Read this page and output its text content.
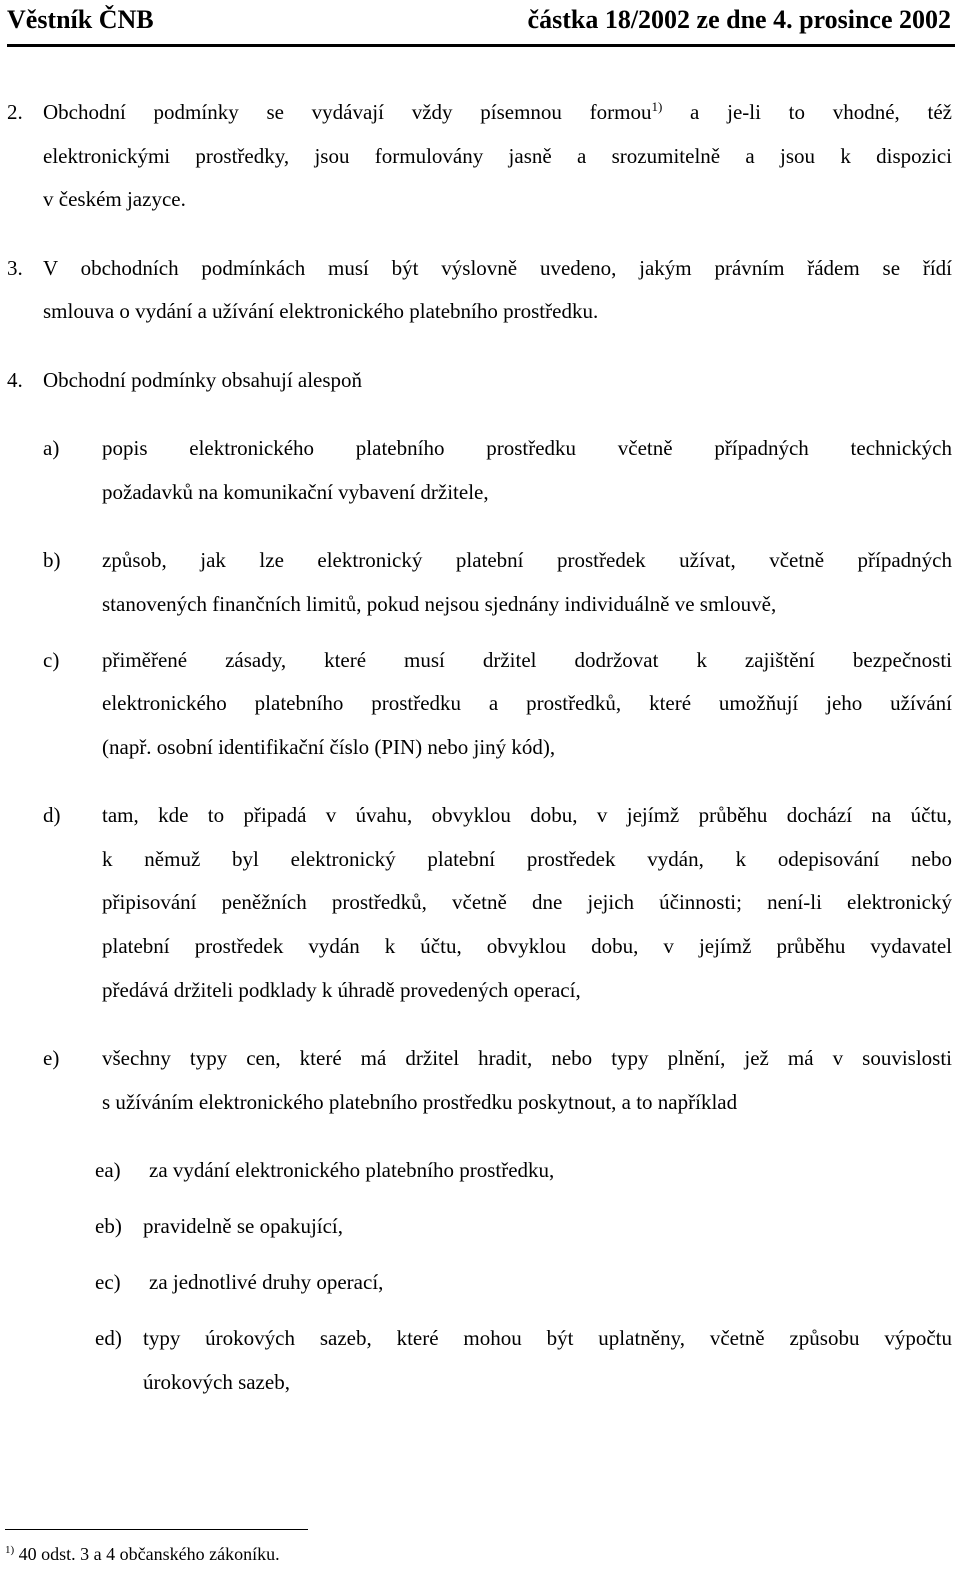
Věstník ČNB	částka 18/2002 ze dne 4. prosince 2002
2. Obchodní podmínky se vydávají vždy písemnou formou$^{1)}$ a je-li to vhodné, též
elektronickými prostředky, jsou formulovány jasně a srozumitelně a jsou k dispozici
v českém jazyce.
3. V obchodních podmínkách musí být výslovně uvedeno, jakým právním řádem se řídí
smlouva o vydání a užívání elektronického platebního prostředku.
4. Obchodní podmínky obsahují alespoň
a) popis elektronického platebního prostředku včetně případných technických
požadavků na komunikační vybavení držitele,
b) způsob, jak lze elektronický platební prostředek užívat, včetně případných
stanovených finančních limitů, pokud nejsou sjednány individuálně ve smlouvě,
c) přiměřené zásady, které musí držitel dodržovat k zajištění bezpečnosti
elektronického platebního prostředku a prostředků, které umožňují jeho užívání
(např. osobní identifikační číslo (PIN) nebo jiný kód),
d) tam, kde to připadá v úvahu, obvyklou dobu, v jejímž průběhu dochází na účtu,
k němuž byl elektronický platební prostředek vydán, k odepisování nebo
připisování peněžních prostředků, včetně dne jejich účinnosti; není-li elektronický
platební prostředek vydán k účtu, obvyklou dobu, v jejímž průběhu vydavatel
předává držiteli podklady k úhradě provedených operací,
e) všechny typy cen, které má držitel hradit, nebo typy plnění, jež má v souvislosti
s užíváním elektronického platebního prostředku poskytnout, a to například
ea) za vydání elektronického platebního prostředku,
eb) pravidelně se opakující,
ec) za jednotlivé druhy operací,
ed) typy úrokových sazeb, které mohou být uplatněny, včetně způsobu výpočtu
úrokových sazeb,
$^{1)}$ 40 odst. 3 a 4 občanského zákoníku.
